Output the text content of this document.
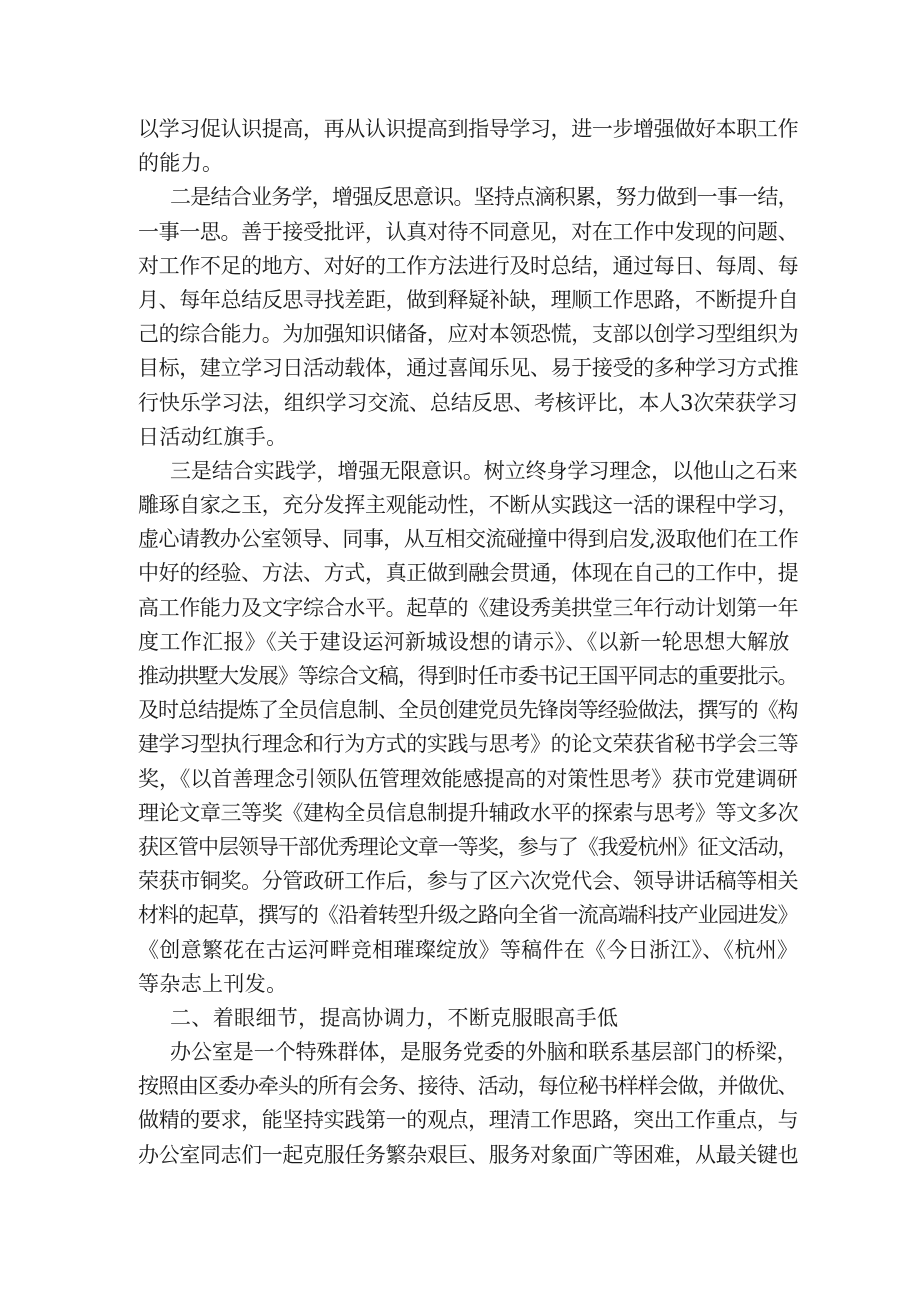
以学习促认识提高，再从认识提高到指导学习，进一步增强做好本职工作
的能力。
二是结合业务学，增强反思意识。坚持点滴积累，努力做到一事一结，
一事一思。善于接受批评，认真对待不同意见，对在工作中发现的问题、
对工作不足的地方、对好的工作方法进行及时总结，通过每日、每周、每
月、每年总结反思寻找差距，做到释疑补缺，理顺工作思路，不断提升自
己的综合能力。为加强知识储备，应对本领恐慌，支部以创学习型组织为
目标，建立学习日活动载体，通过喜闻乐见、易于接受的多种学习方式推
行快乐学习法，组织学习交流、总结反思、考核评比，本人3次荣获学习
日活动红旗手。
三是结合实践学，增强无限意识。树立终身学习理念，以他山之石来
雕琢自家之玉，充分发挥主观能动性，不断从实践这一活的课程中学习，
虚心请教办公室领导、同事，从互相交流碰撞中得到启发,汲取他们在工作
中好的经验、方法、方式，真正做到融会贯通，体现在自己的工作中，提
高工作能力及文字综合水平。起草的《建设秀美拱堂三年行动计划第一年
度工作汇报》《关于建设运河新城设想的请示》、《以新一轮思想大解放
推动拱墅大发展》等综合文稿，得到时任市委书记王国平同志的重要批示。
及时总结提炼了全员信息制、全员创建党员先锋岗等经验做法，撰写的《构
建学习型执行理念和行为方式的实践与思考》的论文荣获省秘书学会三等
奖，《以首善理念引领队伍管理效能感提高的对策性思考》获市党建调研
理论文章三等奖《建构全员信息制提升辅政水平的探索与思考》等文多次
获区管中层领导干部优秀理论文章一等奖，参与了《我爱杭州》征文活动，
荣获市铜奖。分管政研工作后，参与了区六次党代会、领导讲话稿等相关
材料的起草，撰写的《沿着转型升级之路向全省一流高端科技产业园进发》
《创意繁花在古运河畔竞相璀璨绽放》等稿件在《今日浙江》、《杭州》
等杂志上刊发。
二、着眼细节，提高协调力，不断克服眼高手低
办公室是一个特殊群体，是服务党委的外脑和联系基层部门的桥梁，
按照由区委办牵头的所有会务、接待、活动，每位秘书样样会做，并做优、
做精的要求，能坚持实践第一的观点，理清工作思路，突出工作重点，与
办公室同志们一起克服任务繁杂艰巨、服务对象面广等困难，从最关键也
